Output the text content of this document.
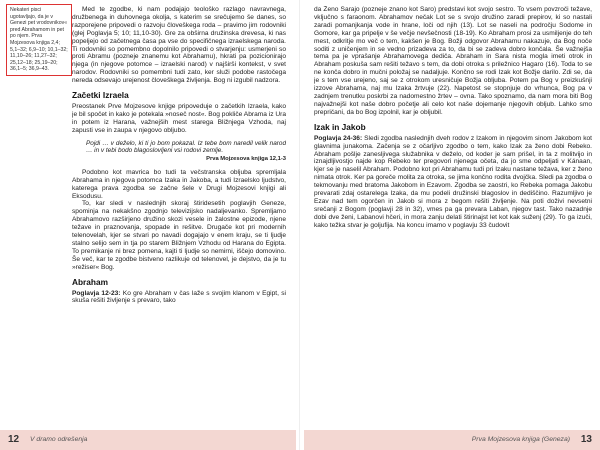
Nekateri pisci ugotavljajo, da je v Genezi pet vrodovnikov« pred Abrahamom in pet po njem. Prva Mojzesova knjiga 2,4; 5,1–32; 6,9–10; 10,1–32; 11,10–26; 11,27–32; 25,12–18; 25,19–20; 36,1–5; 36,9–43.

Med te zgodbe, ki nam podajajo teološko razlago navravnega, družbenega in duhovnega okolja, s katerim se srečujemo še danes, so razporejene pripovedi o razvoju človeškega roda – pravimo jim rodovniki (glej Poglavja 5; 10; 11,10-30). Gre za obširna družinska drevesa, ki nas popeljejo od začetnega časa pa vse do specifičnega izraelskega naroda. Ti rodovniki so pomembno dopolnilo pripovedi o stvarjenju: usmerjeni so proti Abramu (pozneje znanemu kot Abrahamu), hkrati pa pozicionirajo njega (in njegove potomce – izraelski narod) v najširši kontekst, v svet narodov. Rodovniki so pomembni tudi zato, ker služi podobe rastočega nereda odsevajo urejenost človeškega življenja. Bog ni izgubil nadzora.

Začetki Izraela

Preostanek Prve Mojzesove knjige pripoveduje o začetkih Izraela, kako je bil spočet in kako je potekala »noseč nost«. Bog pokliče Abrama iz Ura in potem iz Harana, važnejših mest starega Bližnjega Vzhoda, naj zapusti vse in zaupa v njegovo obljubo.

Pojdi … v deželo, ki ti jo bom pokazal. Iz tebe bom naredil velik narod … in v tebi bodo blagoslovljeni vsi rodovi zemlje.
Prva Mojzesova knjiga 12,1-3

Podobno kot mavrica bo tudi ta večstranska obljuba spremljala Abrahama in njegova potomca Izaka in Jakoba, a tudi Izraelsko ljudstvo, katerega prava zgodba se začne šele v Drugi Mojzesovi knjigi ali Eksodusu.

To, kar sledi v naslednjih skoraj štiridesetih poglavjih Geneze, spominja na nekakšno zgodnjo televizijsko nadaljevanko. Spremljamo Abrahamovo razširjeno družino skozi vesele in žalostne epizode, njene težave in praznovanja, spopade in rešitve. Drugače kot pri modernih telenovelah, kjer se stvari po navadi dogajajo v enem kraju, se ti ljudje stalno selijo sem in tja po starem Bližnjem Vzhodu od Harana do Egipta. To premikanje ni brez pomena, kajti ti ljudje so nemirni, iščejo domovino. Še več, kar te zgodbe bistveno razlikuje od telenovel, je dejstvo, da je tu »režiser« Bog.

Abraham

Poglavja 12-23: Ko gre Abraham v čas laže s svojim klanom v Egipt, si skuša rešiti življenje s prevaro, tako

12 V dramo odrešenja

da Ženo Sarajo (pozneje znano kot Saro) predstavi kot svojo sestro. To vsem povzroči težave, vključno s faraonom. Abrahamov nečak Lot se s svojo družino zaradi prepirov, ki so nastali zaradi pomanjkanja vode in hrane, loči od njih (13). Lot se naseli na področju Sodome in Gomore, kar ga pripelje v še večje nevšečnosti (18-19). Ko Abraham prosi za usmiljenje do teh mest, odkritje mo več o tem, kakšen je Bog. Božji odgovor Abrahamu nakazuje, da Bog noče soditi z uničenjem in se vedno prizadeva za to, da bi se zadeva dobro končala. Še važnejša tema pa je vprašanje Abrahamovega dediča. Abraham in Sara nista mogla imeti otrok in Abraham poskuša sam rešiti težavo s tem, da dobi otroka s priležnico Hagaro (16). Toda to se ne konča dobro in mučni položaj se nadaljuje. Končno se rodi Izak kot Božje darilo. Zdi se, da je s tem vse urejeno, saj se z otrokom uresničuje Božja obljuba. Potem pa Bog v preizkušnji izzove Abrahama, naj mu Izaka žrtvuje (22). Napetost se stopnjuje do vrhunca, Bog pa v zadnjem trenutku poskrbi za nadomestno žrtev – ovna. Tako spoznamo, da nam mora biti Bog najvažnejši kot naše dobro početje ali celo kot naše dojemanje njegovih obljub. Lahko smo prepričani, da bo Bog izpolnil, kar je obljubil.

Izak in Jakob

Poglavja 24-36: Sledi zgodba naslednjih dveh rodov z Izakom in njegovim sinom Jakobom kot glavnima junakoma. Začenja se z očarljivo zgodbo o tem, kako Izak za ženo dobi Rebeko. Abraham pošlje zanesljivega služabnika v deželo, od koder je sam prišel, in ta z molitvijo in iznajdljivostjo najde kop Rebeko ter pregovori njenega očeta, da jo sme odpeljati v Kánaan, kjer se je naselil Abraham. Podobno kot pri Abrahamu tudi pri Izaku nastane težava, ker z ženo nimata otrok. Ker pa goreče molita za otroka, se jima končno rodita dvojčka. Sledi pa zgodba o tekmovanju med bratoma Jakobom in Ezavom. Zgodba se zaostri, ko Rebeka pomaga Jakobu prevarati zdaj ostarelega Izaka, da mu podeli družinski blagoslov in dediščino. Razumljivo je Ezav nad tem ogorčen in Jakob si mora z begom rešiti življenje. Na poti doživi nevsetni srečanji z Bogom (poglavji 28 in 32), vmes pa ga prevara Laban, njegov tast. Tako nazadnje dobi dve ženi, Labanovi hčeri, in mora zanju delati štirinajst let kot kak suženj (29). To ga izuči, kako težka stvar je goljufija. Na koncu imamo v poglavju 33 čudovit

Prva Mojzesova knjiga (Geneza) 13
